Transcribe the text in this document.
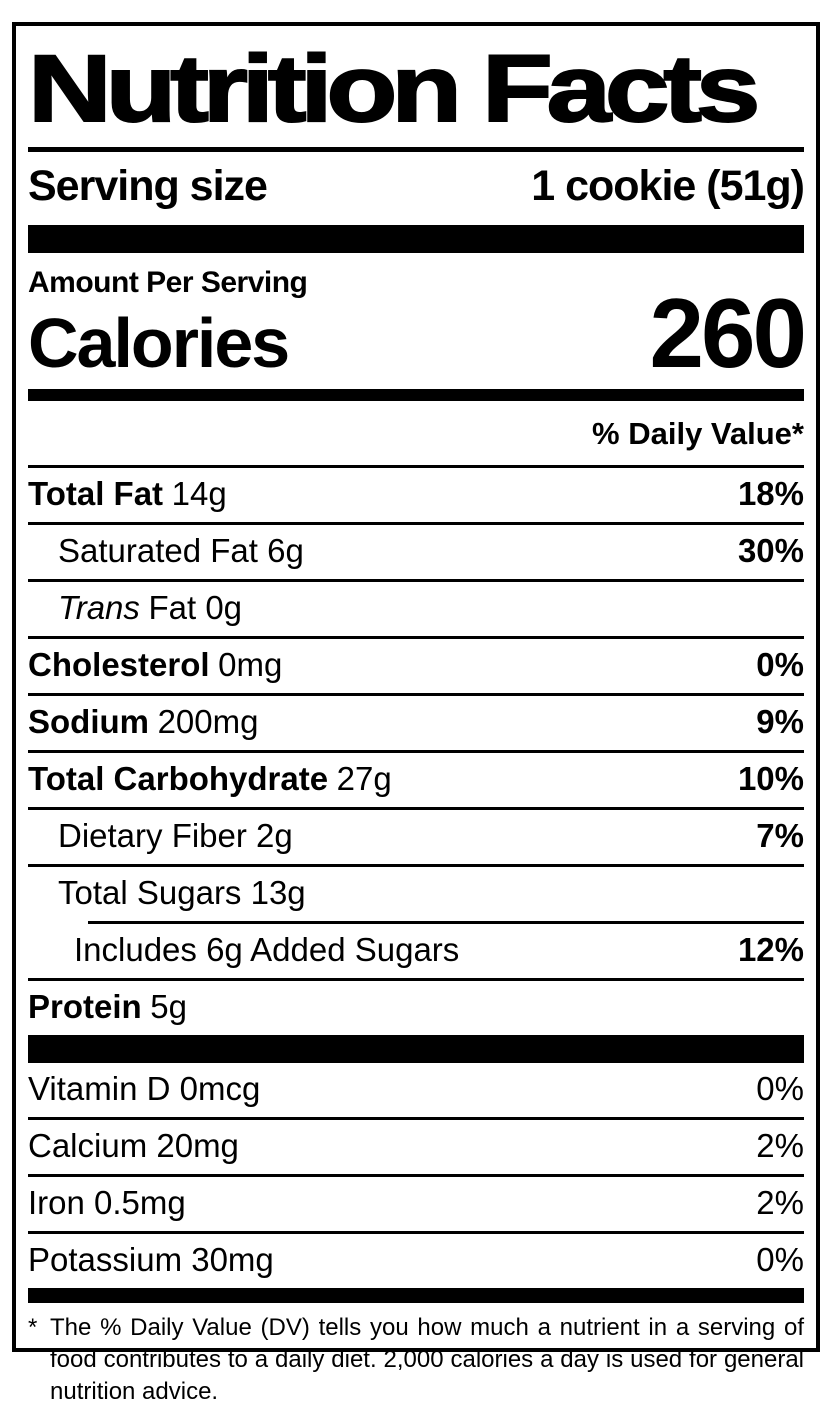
Nutrition Facts
Serving size	1 cookie (51g)
Amount Per Serving
Calories	260
% Daily Value*
Total Fat 14g	18%
Saturated Fat 6g	30%
Trans Fat 0g
Cholesterol 0mg	0%
Sodium 200mg	9%
Total Carbohydrate 27g	10%
Dietary Fiber 2g	7%
Total Sugars 13g
Includes 6g Added Sugars	12%
Protein 5g
Vitamin D 0mcg	0%
Calcium 20mg	2%
Iron 0.5mg	2%
Potassium 30mg	0%
* The % Daily Value (DV) tells you how much a nutrient in a serving of
food contributes to a daily diet. 2,000 calories a day is used for general
nutrition advice.
